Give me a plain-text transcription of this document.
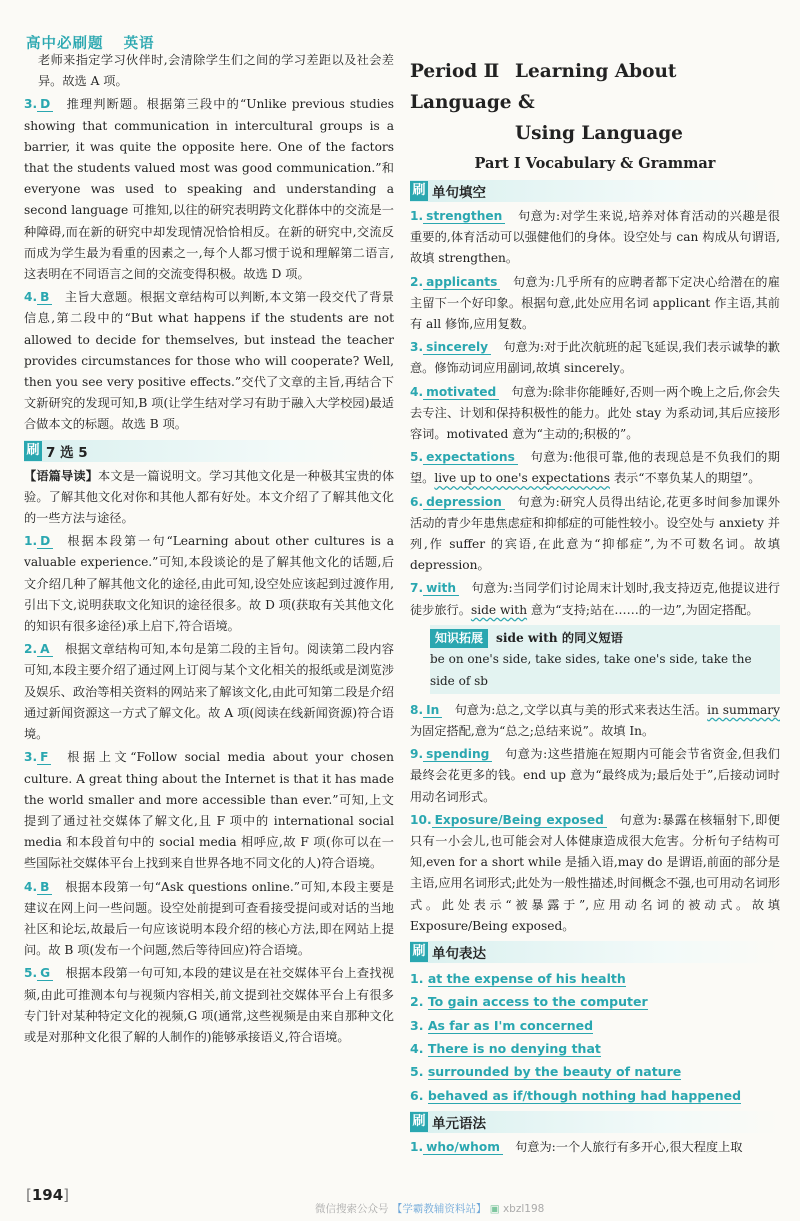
高中必刷题 英语

老师来指定学习伙伴时,会清除学生们之间的学习差距以及社会差异。故选 A 项。

3. D  推理判断题。根据第三段中的“Unlike previous studies showing that communication in intercultural groups is a barrier, it was quite the opposite here. One of the factors that the students valued most was good communication.”和 everyone was used to speaking and understanding a second language 可推知,以往的研究表明跨文化群体中的交流是一种障碍,而在新的研究中却发现情况恰恰相反。在新的研究中,交流反而成为学生最为看重的因素之一,每个人都习惯于说和理解第二语言,这表明在不同语言之间的交流变得积极。故选 D 项。

4. B  主旨大意题。根据文章结构可以判断,本文第一段交代了背景信息,第二段中的“But what happens if the students are not allowed to decide for themselves, but instead the teacher provides circumstances for those who will cooperate? Well, then you see very positive effects.”交代了文章的主旨,再结合下文新研究的发现可知,B 项(让学生结对学习有助于融入大学校园)最适合做本文的标题。故选 B 项。

刷 7 选 5

【语篇导读】本文是一篇说明文。学习其他文化是一种极其宝贵的体验。了解其他文化对你和其他人都有好处。本文介绍了了解其他文化的一些方法与途径。

1. D  根据本段第一句“Learning about other cultures is a valuable experience.”可知,本段谈论的是了解其他文化的话题,后文介绍几种了解其他文化的途径,由此可知,设空处应该起到过渡作用,引出下文,说明获取文化知识的途径很多。故 D 项(获取有关其他文化的知识有很多途径)承上启下,符合语境。

2. A  根据文章结构可知,本句是第二段的主旨句。阅读第二段内容可知,本段主要介绍了通过网上订阅与某个文化相关的报纸或是浏览涉及娱乐、政治等相关资料的网站来了解该文化,由此可知第二段是介绍通过新闻资源这一方式了解文化。故 A 项(阅读在线新闻资源)符合语境。

3. F  根据上文“Follow social media about your chosen culture. A great thing about the Internet is that it has made the world smaller and more accessible than ever.”可知,上文提到了通过社交媒体了解文化,且 F 项中的 international social media 和本段首句中的 social media 相呼应,故 F 项(你可以在一些国际社交媒体平台上找到来自世界各地不同文化的人)符合语境。

4. B  根据本段第一句“Ask questions online.”可知,本段主要是建议在网上问一些问题。设空处前提到可查看接受提问或对话的当地社区和论坛,故最后一句应该说明本段介绍的核心方法,即在网站上提问。故 B 项(发布一个问题,然后等待回应)符合语境。

5. G  根据本段第一句可知,本段的建议是在社交媒体平台上查找视频,由此可推测本句与视频内容相关,前文提到社交媒体平台上有很多专门针对某种特定文化的视频,G 项(通常,这些视频是由来自那种文化或是对那种文化很了解的人制作的)能够承接语义,符合语境。

Period Ⅱ Learning About Language &
Using Language
Part Ⅰ Vocabulary & Grammar
刷 单句填空

1. strengthen  句意为:对学生来说,培养对体育活动的兴趣是很重要的,体育活动可以强健他们的身体。设空处与 can 构成从句谓语,故填 strengthen。

2. applicants  句意为:几乎所有的应聘者都下定决心给潜在的雇主留下一个好印象。根据句意,此处应用名词 applicant 作主语,其前有 all 修饰,应用复数。

3. sincerely  句意为:对于此次航班的起飞延误,我们表示诚挚的歉意。修饰动词应用副词,故填 sincerely。

4. motivated  句意为:除非你能睡好,否则一两个晚上之后,你会失去专注、计划和保持积极性的能力。此处 stay 为系动词,其后应接形容词。motivated 意为“主动的;积极的”。

5. expectations  句意为:他很可靠,他的表现总是不负我们的期望。live up to one's expectations 表示“不辜负某人的期望”。

6. depression  句意为:研究人员得出结论,花更多时间参加课外活动的青少年患焦虑症和抑郁症的可能性较小。设空处与 anxiety 并列,作 suffer 的宾语,在此意为“抑郁症”,为不可数名词。故填 depression。

7. with  句意为:当同学们讨论周末计划时,我支持迈克,他提议进行徒步旅行。side with 意为“支持;站在……的一边”,为固定搭配。

知识拓展 side with 的同义短语
be on one's side, take sides, take one's side, take the side of sb

8. In  句意为:总之,文学以真与美的形式来表达生活。in summary 为固定搭配,意为“总之;总结来说”。故填 In。

9. spending  句意为:这些措施在短期内可能会节省资金,但我们最终会花更多的钱。end up 意为“最终成为;最后处于”,后接动词时用动名词形式。

10. Exposure/Being exposed  句意为:暴露在核辐射下,即便只有一小会儿,也可能会对人体健康造成很大危害。分析句子结构可知,even for a short while 是插入语,may do 是谓语,前面的部分是主语,应用名词形式;此处为一般性描述,时间概念不强,也可用动名词形式。此处表示“被暴露于”,应用动名词的被动式。故填 Exposure/Being exposed。

刷 单句表达
1. at the expense of his health
2. To gain access to the computer
3. As far as I'm concerned
4. There is no denying that
5. surrounded by the beauty of nature
6. behaved as if/though nothing had happened
刷 单元语法

1. who/whom  句意为:一个人旅行有多开心,很大程度上取

[194]
微信搜索公众号 【学霸教辅资料站】 ▣ xbzl198
